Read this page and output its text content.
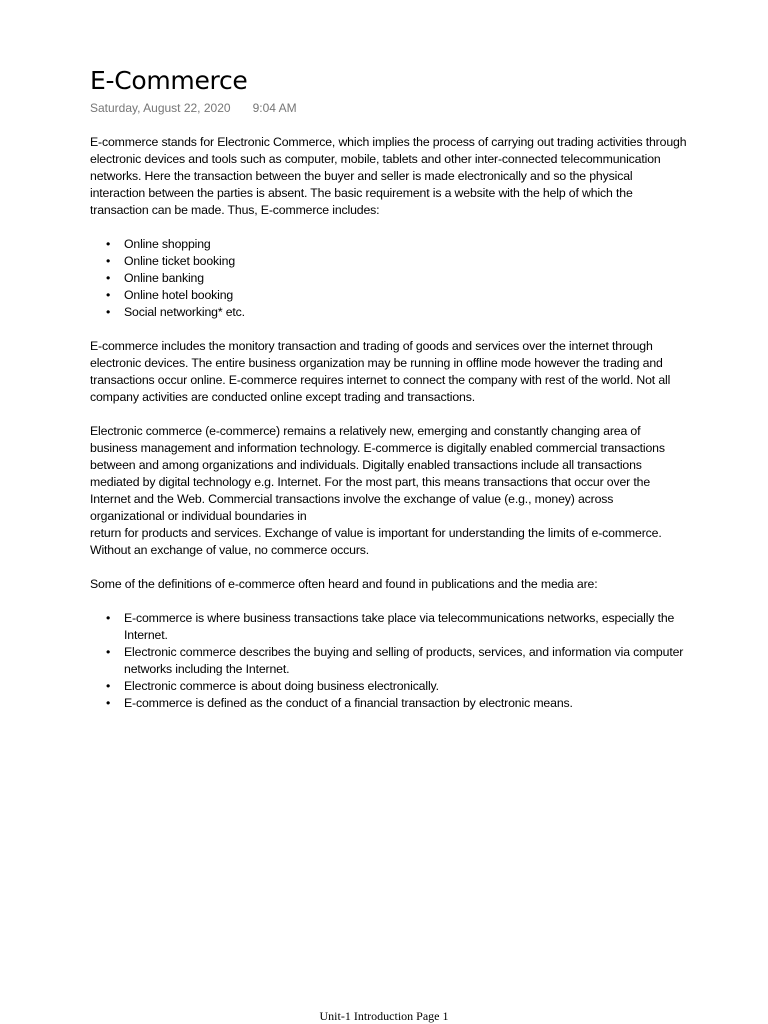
E-Commerce
Saturday, August 22, 2020 9:04 AM

E-commerce stands for Electronic Commerce, which implies the process of carrying out trading activities through electronic devices and tools such as computer, mobile, tablets and other inter-connected telecommunication networks. Here the transaction between the buyer and seller is made electronically and so the physical interaction between the parties is absent. The basic requirement is a website with the help of which the transaction can be made. Thus, E-commerce includes:

• Online shopping
• Online ticket booking
• Online banking
• Online hotel booking
• Social networking* etc.

E-commerce includes the monitory transaction and trading of goods and services over the internet through electronic devices. The entire business organization may be running in offline mode however the trading and transactions occur online. E-commerce requires internet to connect the company with rest of the world. Not all company activities are conducted online except trading and transactions.

Electronic commerce (e-commerce) remains a relatively new, emerging and constantly changing area of business management and information technology. E-commerce is digitally enabled commercial transactions between and among organizations and individuals. Digitally enabled transactions include all transactions mediated by digital technology e.g. Internet. For the most part, this means transactions that occur over the Internet and the Web. Commercial transactions involve the exchange of value (e.g., money) across organizational or individual boundaries in
return for products and services. Exchange of value is important for understanding the limits of e-commerce. Without an exchange of value, no commerce occurs.

Some of the definitions of e-commerce often heard and found in publications and the media are:

• E-commerce is where business transactions take place via telecommunications networks, especially the Internet.
• Electronic commerce describes the buying and selling of products, services, and information via computer networks including the Internet.
• Electronic commerce is about doing business electronically.
• E-commerce is defined as the conduct of a financial transaction by electronic means.
Unit-1 Introduction Page 1
